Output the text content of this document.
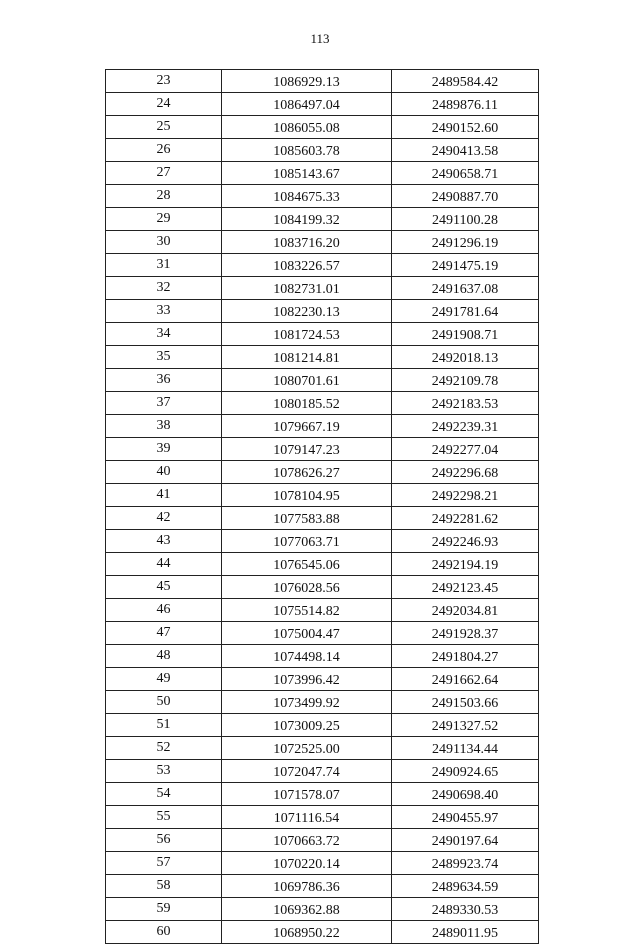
113
23	1086929.13	2489584.42
24	1086497.04	2489876.11
25	1086055.08	2490152.60
26	1085603.78	2490413.58
27	1085143.67	2490658.71
28	1084675.33	2490887.70
29	1084199.32	2491100.28
30	1083716.20	2491296.19
31	1083226.57	2491475.19
32	1082731.01	2491637.08
33	1082230.13	2491781.64
34	1081724.53	2491908.71
35	1081214.81	2492018.13
36	1080701.61	2492109.78
37	1080185.52	2492183.53
38	1079667.19	2492239.31
39	1079147.23	2492277.04
40	1078626.27	2492296.68
41	1078104.95	2492298.21
42	1077583.88	2492281.62
43	1077063.71	2492246.93
44	1076545.06	2492194.19
45	1076028.56	2492123.45
46	1075514.82	2492034.81
47	1075004.47	2491928.37
48	1074498.14	2491804.27
49	1073996.42	2491662.64
50	1073499.92	2491503.66
51	1073009.25	2491327.52
52	1072525.00	2491134.44
53	1072047.74	2490924.65
54	1071578.07	2490698.40
55	1071116.54	2490455.97
56	1070663.72	2490197.64
57	1070220.14	2489923.74
58	1069786.36	2489634.59
59	1069362.88	2489330.53
60	1068950.22	2489011.95
